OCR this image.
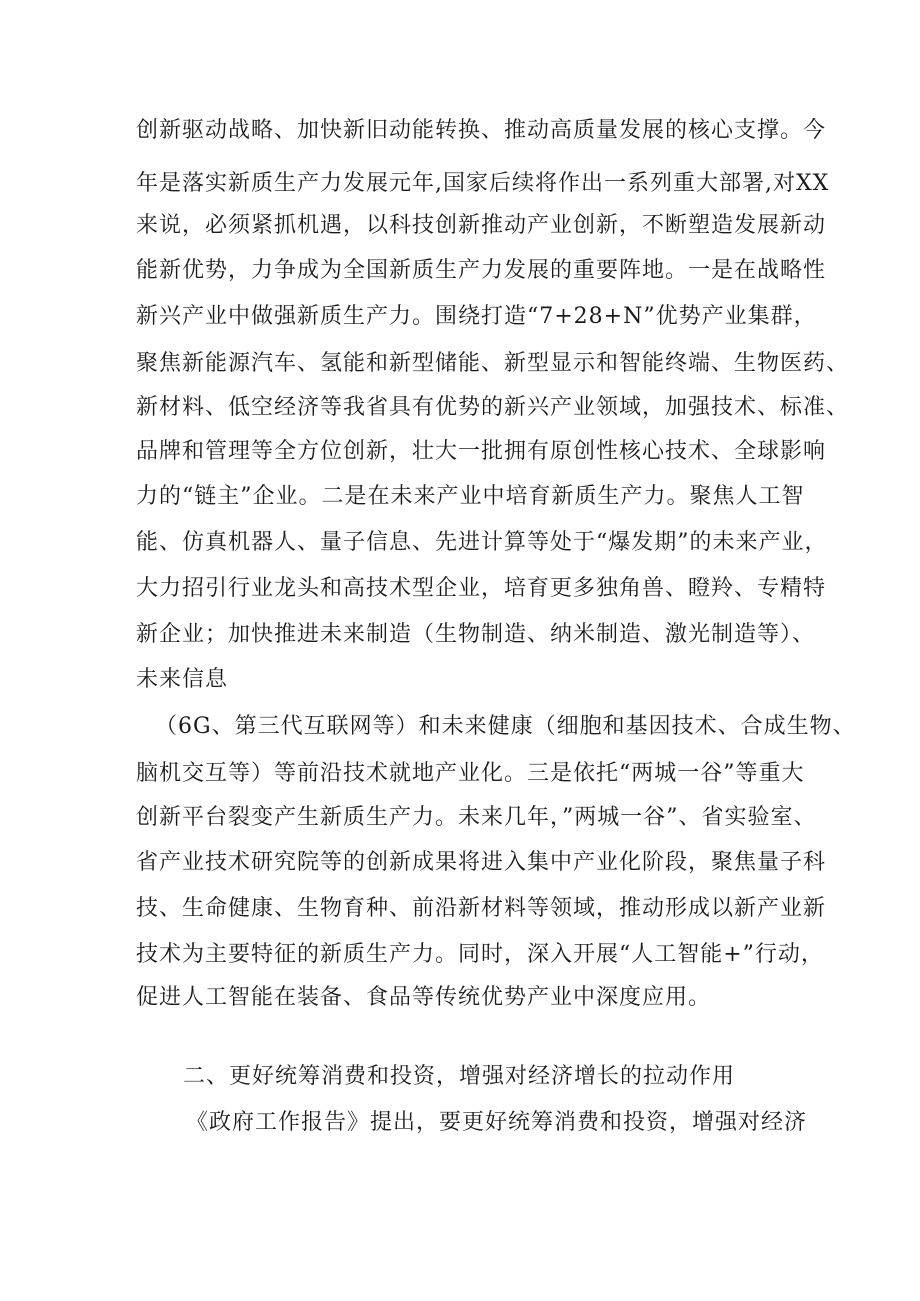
创新驱动战略、加快新旧动能转换、推动高质量发展的核心支撑。今
年是落实新质生产力发展元年,国家后续将作出一系列重大部署,对XX
来说，必须紧抓机遇，以科技创新推动产业创新，不断塑造发展新动
能新优势，力争成为全国新质生产力发展的重要阵地。一是在战略性
新兴产业中做强新质生产力。围绕打造“7+28+N”优势产业集群，
聚焦新能源汽车、氢能和新型储能、新型显示和智能终端、生物医药、
新材料、低空经济等我省具有优势的新兴产业领域，加强技术、标准、
品牌和管理等全方位创新，壮大一批拥有原创性核心技术、全球影响
力的“链主”企业。二是在未来产业中培育新质生产力。聚焦人工智
能、仿真机器人、量子信息、先进计算等处于“爆发期”的未来产业，
大力招引行业龙头和高技术型企业，培育更多独角兽、瞪羚、专精特
新企业；加快推进未来制造（生物制造、纳米制造、激光制造等）、
未来信息
（6G、第三代互联网等）和未来健康（细胞和基因技术、合成生物、
脑机交互等）等前沿技术就地产业化。三是依托“两城一谷”等重大
创新平台裂变产生新质生产力。未来几年，”两城一谷”、省实验室、
省产业技术研究院等的创新成果将进入集中产业化阶段，聚焦量子科
技、生命健康、生物育种、前沿新材料等领域，推动形成以新产业新
技术为主要特征的新质生产力。同时，深入开展“人工智能+”行动，
促进人工智能在装备、食品等传统优势产业中深度应用。
二、更好统筹消费和投资，增强对经济增长的拉动作用
《政府工作报告》提出，要更好统筹消费和投资，增强对经济
